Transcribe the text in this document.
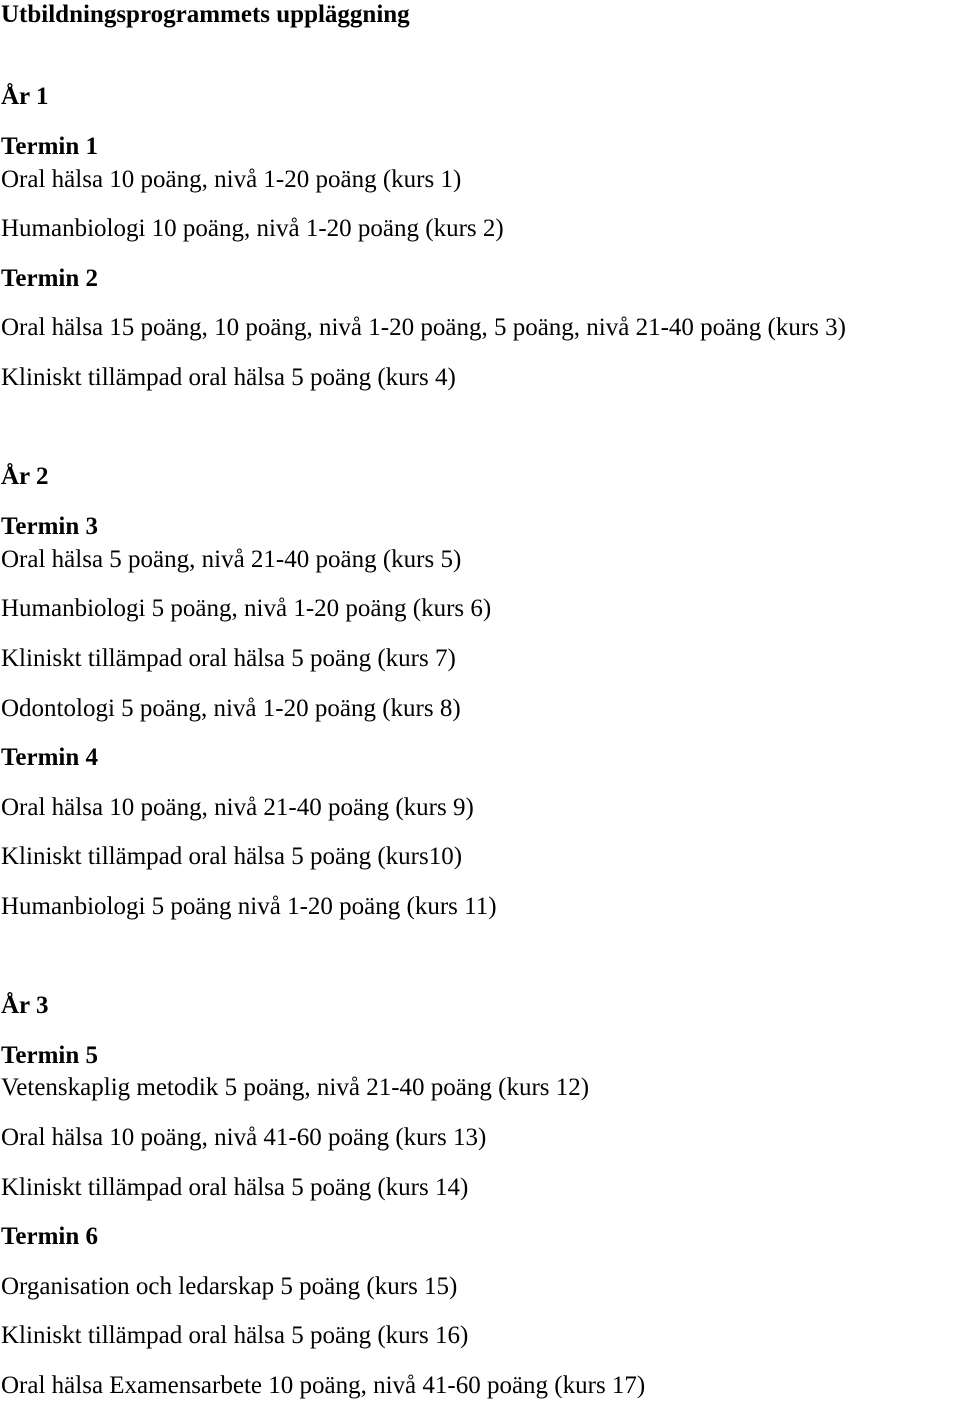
Utbildningsprogrammets uppläggning
År 1
Termin 1
Oral hälsa 10 poäng, nivå 1-20 poäng (kurs 1)
Humanbiologi 10 poäng, nivå 1-20 poäng (kurs 2)
Termin 2
Oral hälsa 15 poäng, 10 poäng, nivå 1-20 poäng, 5 poäng, nivå 21-40 poäng (kurs 3)
Kliniskt tillämpad oral hälsa 5 poäng (kurs 4)
År 2
Termin 3
Oral hälsa 5 poäng, nivå 21-40 poäng (kurs 5)
Humanbiologi 5 poäng, nivå 1-20 poäng (kurs 6)
Kliniskt tillämpad oral hälsa 5 poäng (kurs 7)
Odontologi 5 poäng, nivå 1-20 poäng (kurs 8)
Termin 4
Oral hälsa 10 poäng, nivå 21-40 poäng (kurs 9)
Kliniskt tillämpad oral hälsa 5 poäng (kurs10)
Humanbiologi 5 poäng nivå 1-20 poäng (kurs 11)
År 3
Termin 5
Vetenskaplig metodik 5 poäng, nivå 21-40 poäng (kurs 12)
Oral hälsa 10 poäng, nivå 41-60 poäng (kurs 13)
Kliniskt tillämpad oral hälsa 5 poäng (kurs 14)
Termin 6
Organisation och ledarskap 5 poäng (kurs 15)
Kliniskt tillämpad oral hälsa 5 poäng (kurs 16)
Oral hälsa Examensarbete 10 poäng, nivå 41-60 poäng (kurs 17)
